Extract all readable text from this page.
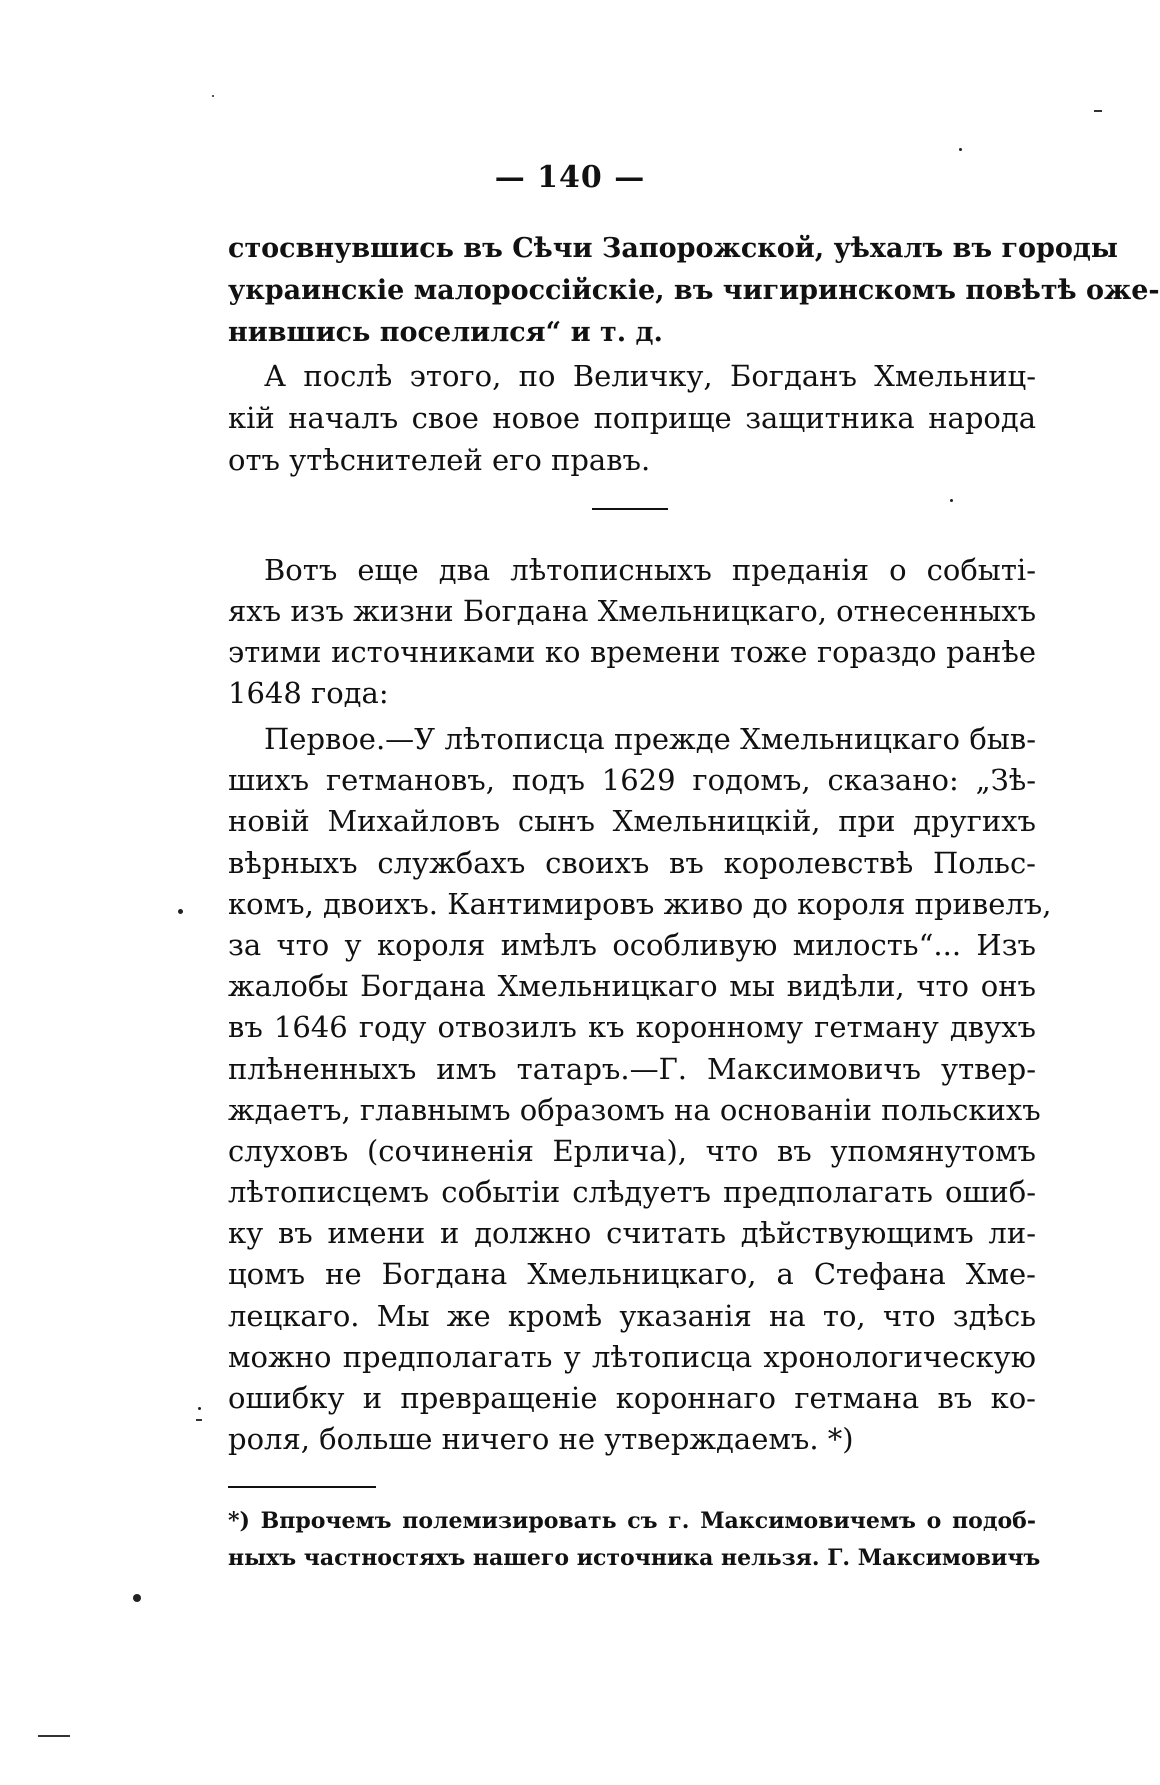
— 140 —
стосвнувшись въ Сѣчи Запорожской, уѣхалъ въ городы
украинскіе малороссійскіе, въ чигиринскомъ повѣтѣ оже-
нившись поселился“ и т. д.
А послѣ этого, по Величку, Богданъ Хмельниц-
кій началъ свое новое поприще защитника народа
отъ утѣснителей его правъ.
Вотъ еще два лѣтописныхъ преданія о событі-
яхъ изъ жизни Богдана Хмельницкаго, отнесенныхъ
этими источниками ко времени тоже гораздо ранѣе
1648 года:
Первое.—У лѣтописца прежде Хмельницкаго быв-
шихъ гетмановъ, подъ 1629 годомъ, сказано: „Зѣ-
новій Михайловъ сынъ Хмельницкій, при другихъ
вѣрныхъ службахъ своихъ въ королевствѣ Польс-
комъ, двоихъ. Кантимировъ живо до короля привелъ,
за что у короля имѣлъ особливую милость“... Изъ
жалобы Богдана Хмельницкаго мы видѣли, что онъ
въ 1646 году отвозилъ къ коронному гетману двухъ
плѣненныхъ имъ татаръ.—Г. Максимовичъ утвер-
ждаетъ, главнымъ образомъ на основаніи польскихъ
слуховъ (сочиненія Ерлича), что въ упомянутомъ
лѣтописцемъ событіи слѣдуетъ предполагать ошиб-
ку въ имени и должно считать дѣйствующимъ ли-
цомъ не Богдана Хмельницкаго, а Стефана Хме-
лецкаго. Мы же кромѣ указанія на то, что здѣсь
можно предполагать у лѣтописца хронологическую
ошибку и превращеніе короннаго гетмана въ ко-
роля, больше ничего не утверждаемъ. *)
*) Впрочемъ полемизировать съ г. Максимовичемъ о подоб-
ныхъ частностяхъ нашего источника нельзя. Г. Максимовичъ
